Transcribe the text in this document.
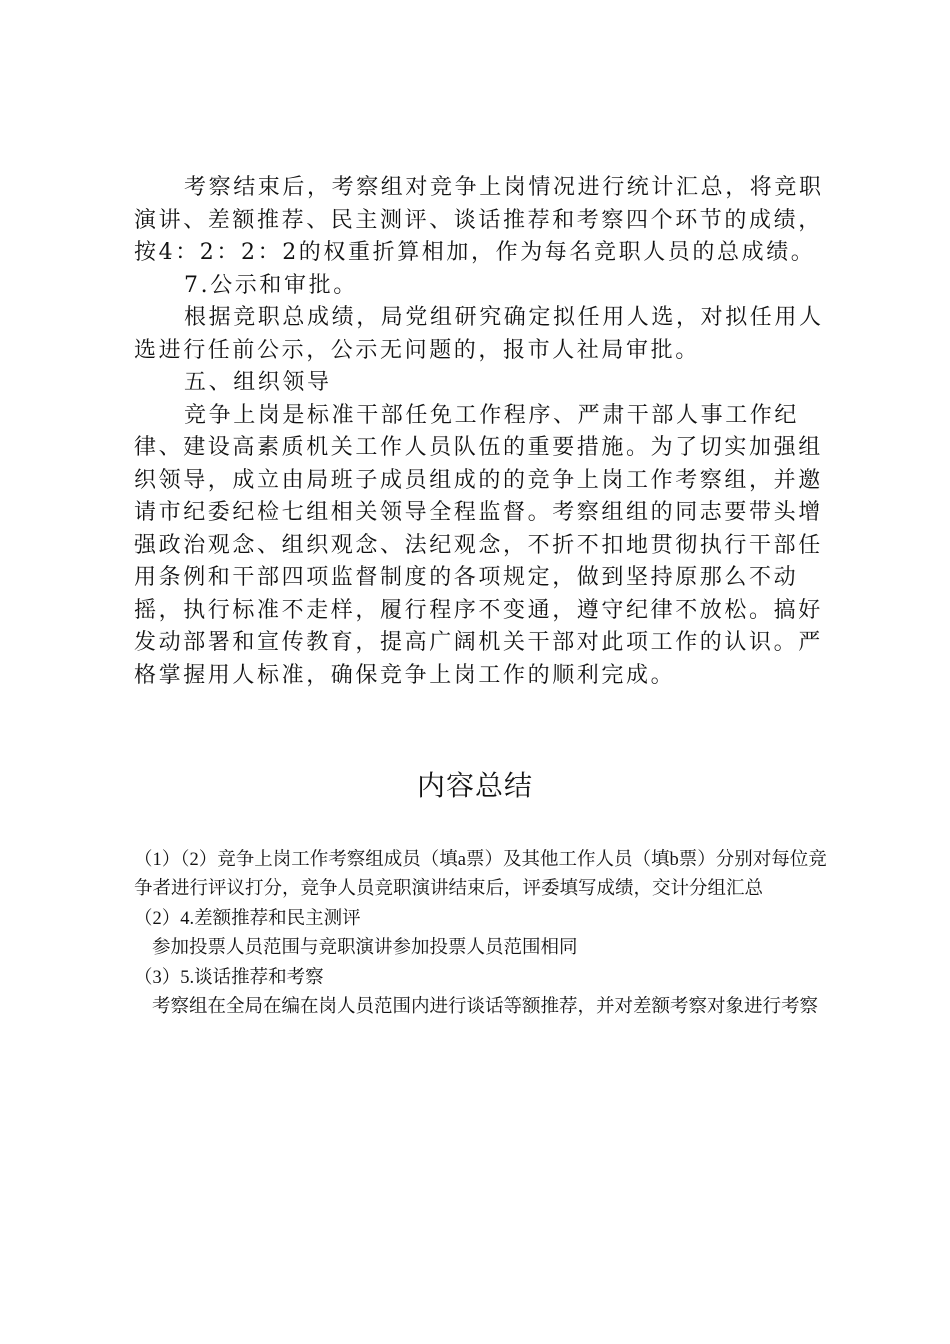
考察结束后，考察组对竞争上岗情况进行统计汇总，将竞职演讲、差额推荐、民主测评、谈话推荐和考察四个环节的成绩，按4：2：2：2的权重折算相加，作为每名竞职人员的总成绩。

7.公示和审批。

根据竞职总成绩，局党组研究确定拟任用人选，对拟任用人选进行任前公示，公示无问题的，报市人社局审批。

五、组织领导

竞争上岗是标准干部任免工作程序、严肃干部人事工作纪律、建设高素质机关工作人员队伍的重要措施。为了切实加强组织领导，成立由局班子成员组成的的竞争上岗工作考察组，并邀请市纪委纪检七组相关领导全程监督。考察组组的同志要带头增强政治观念、组织观念、法纪观念，不折不扣地贯彻执行干部任用条例和干部四项监督制度的各项规定，做到坚持原那么不动摇，执行标准不走样，履行程序不变通，遵守纪律不放松。搞好发动部署和宣传教育，提高广阔机关干部对此项工作的认识。严格掌握用人标准，确保竞争上岗工作的顺利完成。

内容总结

（1）（2）竞争上岗工作考察组成员（填a票）及其他工作人员（填b票）分别对每位竞争者进行评议打分，竞争人员竞职演讲结束后，评委填写成绩，交计分组汇总

（2）4.差额推荐和民主测评

参加投票人员范围与竞职演讲参加投票人员范围相同

（3）5.谈话推荐和考察

考察组在全局在编在岗人员范围内进行谈话等额推荐，并对差额考察对象进行考察
